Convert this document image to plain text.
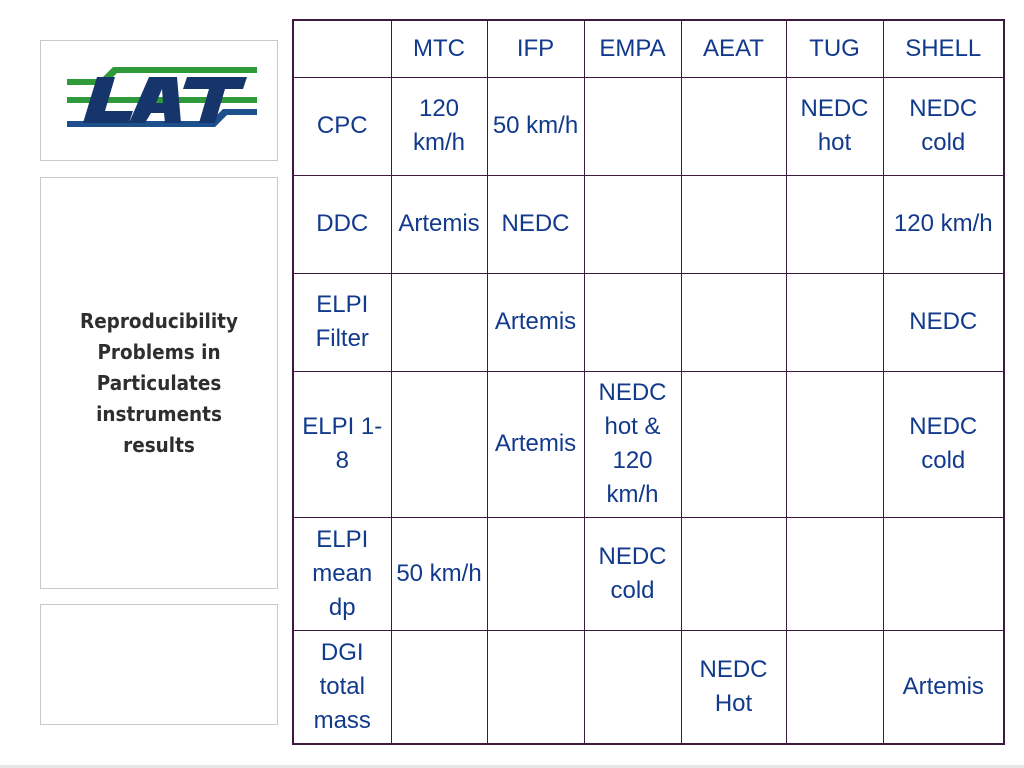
Reproducibility Problems in Particulates instruments results
	MTC	IFP	EMPA	AEAT	TUG	SHELL
CPC	120 km/h	50 km/h			NEDC hot	NEDC cold
DDC	Artemis	NEDC				120 km/h
ELPI Filter		Artemis				NEDC
ELPI 1-8		Artemis	NEDC hot & 120 km/h			NEDC cold
ELPI mean dp	50 km/h		NEDC cold			
DGI total mass				NEDC Hot		Artemis
